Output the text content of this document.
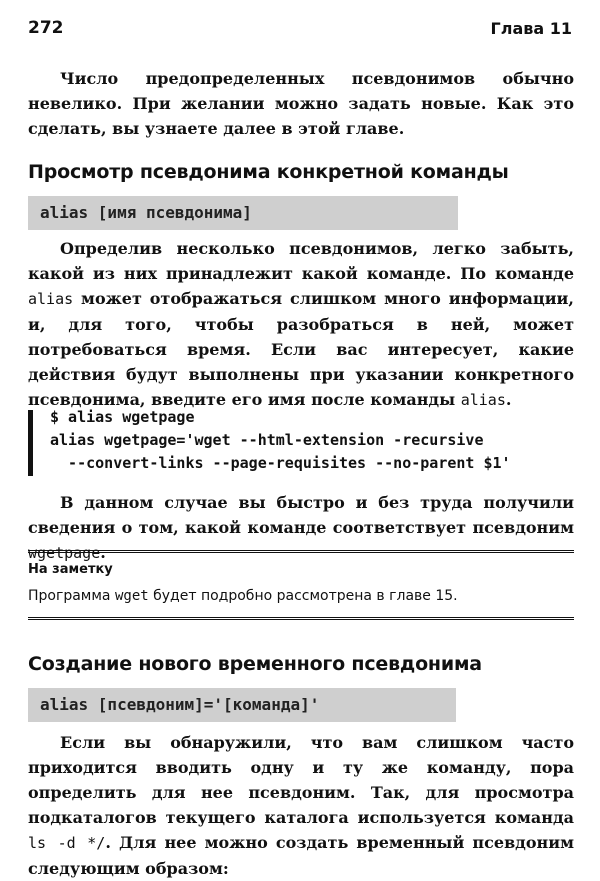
272	Глава 11

Число предопределенных псевдонимов обычно невелико. При желании можно задать новые. Как это сделать, вы узнаете далее в этой главе.

Просмотр псевдонима конкретной команды
alias [имя псевдонима]

Определив несколько псевдонимов, легко забыть, какой из них принадлежит какой команде. По команде alias может отображаться слишком много информации, и, для того, чтобы разобраться в ней, может потребоваться время. Если вас интересует, какие действия будут выполнены при указании конкретного псевдонима, введите его имя после команды alias.

$ alias wgetpage
alias wgetpage='wget --html-extension -recursive
--convert-links --page-requisites --no-parent $1'

В данном случае вы быстро и без труда получили сведения о том, какой команде соответствует псевдоним wgetpage.

На заметку
Программа wget будет подробно рассмотрена в главе 15.
Создание нового временного псевдонима
alias [псевдоним]='[команда]'

Если вы обнаружили, что вам слишком часто приходится вводить одну и ту же команду, пора определить для нее псевдоним. Так, для просмотра подкаталогов текущего каталога используется команда ls -d */. Для нее можно создать временный псевдоним следующим образом:
